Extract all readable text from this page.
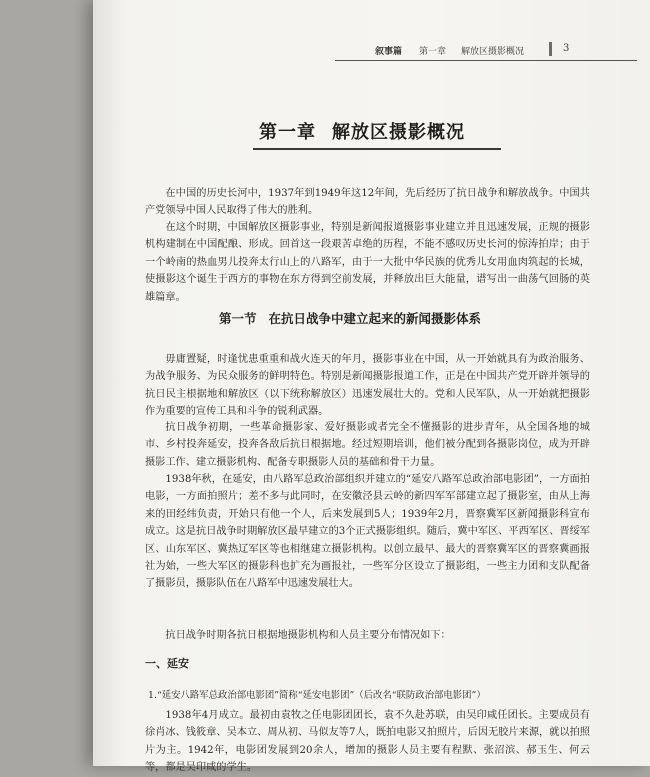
叙事篇 第一章 解放区摄影概况	3
第一章 解放区摄影概况

在中国的历史长河中，1937年到1949年这12年间，先后经历了抗日战争和解放战争。中国共产党领导中国人民取得了伟大的胜利。

在这个时期，中国解放区摄影事业，特别是新闻报道摄影事业建立并且迅速发展，正规的摄影机构建制在中国配酿、形成。回首这一段艰苦卓绝的历程，不能不感叹历史长河的惊涛拍岸；由于一个岭南的热血男儿投奔太行山上的八路军，由于一大批中华民族的优秀儿女用血肉筑起的长城，使摄影这个诞生于西方的事物在东方得到空前发展，并释放出巨大能量，谱写出一曲荡气回肠的英雄篇章。

第一节 在抗日战争中建立起来的新闻摄影体系

毋庸置疑，时逢忧患重重和战火连天的年月，摄影事业在中国，从一开始就具有为政治服务、为战争服务、为民众服务的鲜明特色。特别是新闻摄影报道工作，正是在中国共产党开辟并领导的抗日民主根据地和解放区（以下统称解放区）迅速发展壮大的。党和人民军队，从一开始就把摄影作为重要的宣传工具和斗争的锐利武器。

抗日战争初期，一些革命摄影家、爱好摄影或者完全不懂摄影的进步青年，从全国各地的城市、乡村投奔延安，投奔各敌后抗日根据地。经过短期培训，他们被分配到各摄影岗位，成为开辟摄影工作、建立摄影机构、配备专职摄影人员的基础和骨干力量。

1938年秋，在延安，由八路军总政治部组织并建立的“延安八路军总政治部电影团”，一方面拍电影，一方面拍照片；差不多与此同时，在安徽泾县云岭的新四军军部建立起了摄影室，由从上海来的田经纬负责，开始只有他一个人，后来发展到5人；1939年2月，晋察冀军区新闻摄影科宣布成立。这是抗日战争时期解放区最早建立的3个正式摄影组织。随后，冀中军区、平西军区、晋绥军区、山东军区、冀热辽军区等也相继建立摄影机构。以创立最早、最大的晋察冀军区的晋察冀画报社为始，一些大军区的摄影科也扩充为画报社，一些军分区设立了摄影组，一些主力团和支队配备了摄影员，摄影队伍在八路军中迅速发展壮大。

抗日战争时期各抗日根据地摄影机构和人员主要分布情况如下：

一、延安
1.“延安八路军总政治部电影团”简称“延安电影团”（后改名“联防政治部电影团”）

1938年4月成立。最初由袁牧之任电影团团长，袁不久赴苏联，由吴印咸任团长。主要成员有徐肖冰、钱筱章、吴本立、周从初、马似友等7人，既拍电影又拍照片，后因无胶片来源，就以拍照片为主。1942年，电影团发展到20余人，增加的摄影人员主要有程默、张沼滨、郝玉生、何云等，都是吴印咸的学生。
